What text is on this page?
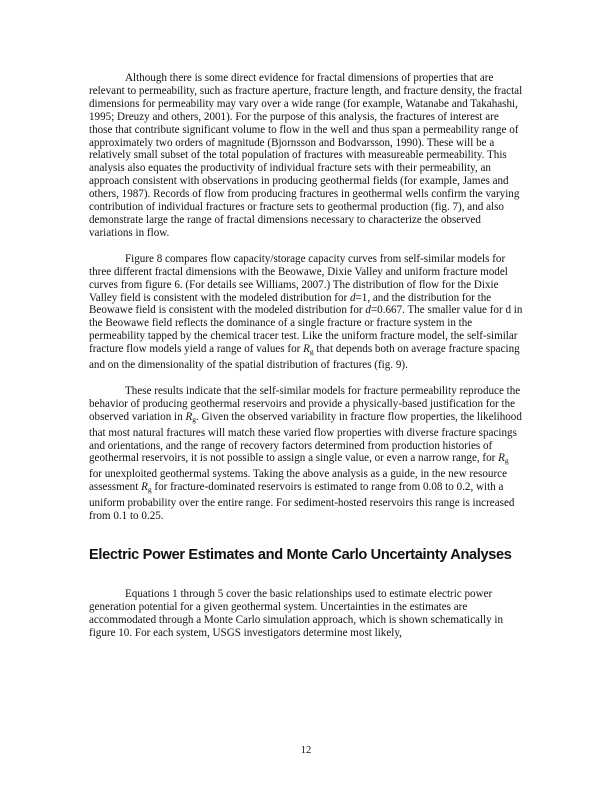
Although there is some direct evidence for fractal dimensions of properties that are relevant to permeability, such as fracture aperture, fracture length, and fracture density, the fractal dimensions for permeability may vary over a wide range (for example, Watanabe and Takahashi, 1995; Dreuzy and others, 2001). For the purpose of this analysis, the fractures of interest are those that contribute significant volume to flow in the well and thus span a permeability range of approximately two orders of magnitude (Bjornsson and Bodvarsson, 1990). These will be a relatively small subset of the total population of fractures with measureable permeability. This analysis also equates the productivity of individual fracture sets with their permeability, an approach consistent with observations in producing geothermal fields (for example, James and others, 1987). Records of flow from producing fractures in geothermal wells confirm the varying contribution of individual fractures or fracture sets to geothermal production (fig. 7), and also demonstrate large the range of fractal dimensions necessary to characterize the observed variations in flow.

Figure 8 compares flow capacity/storage capacity curves from self-similar models for three different fractal dimensions with the Beowawe, Dixie Valley and uniform fracture model curves from figure 6. (For details see Williams, 2007.) The distribution of flow for the Dixie Valley field is consistent with the modeled distribution for d=1, and the distribution for the Beowawe field is consistent with the modeled distribution for d=0.667. The smaller value for d in the Beowawe field reflects the dominance of a single fracture or fracture system in the permeability tapped by the chemical tracer test. Like the uniform fracture model, the self-similar fracture flow models yield a range of values for $R_g$ that depends both on average fracture spacing and on the dimensionality of the spatial distribution of fractures (fig. 9).

These results indicate that the self-similar models for fracture permeability reproduce the behavior of producing geothermal reservoirs and provide a physically-based justification for the observed variation in $R_g$. Given the observed variability in fracture flow properties, the likelihood that most natural fractures will match these varied flow properties with diverse fracture spacings and orientations, and the range of recovery factors determined from production histories of geothermal reservoirs, it is not possible to assign a single value, or even a narrow range, for $R_g$ for unexploited geothermal systems. Taking the above analysis as a guide, in the new resource assessment $R_g$ for fracture-dominated reservoirs is estimated to range from 0.08 to 0.2, with a uniform probability over the entire range. For sediment-hosted reservoirs this range is increased from 0.1 to 0.25.

Electric Power Estimates and Monte Carlo Uncertainty Analyses

Equations 1 through 5 cover the basic relationships used to estimate electric power generation potential for a given geothermal system. Uncertainties in the estimates are accommodated through a Monte Carlo simulation approach, which is shown schematically in figure 10. For each system, USGS investigators determine most likely,

12
